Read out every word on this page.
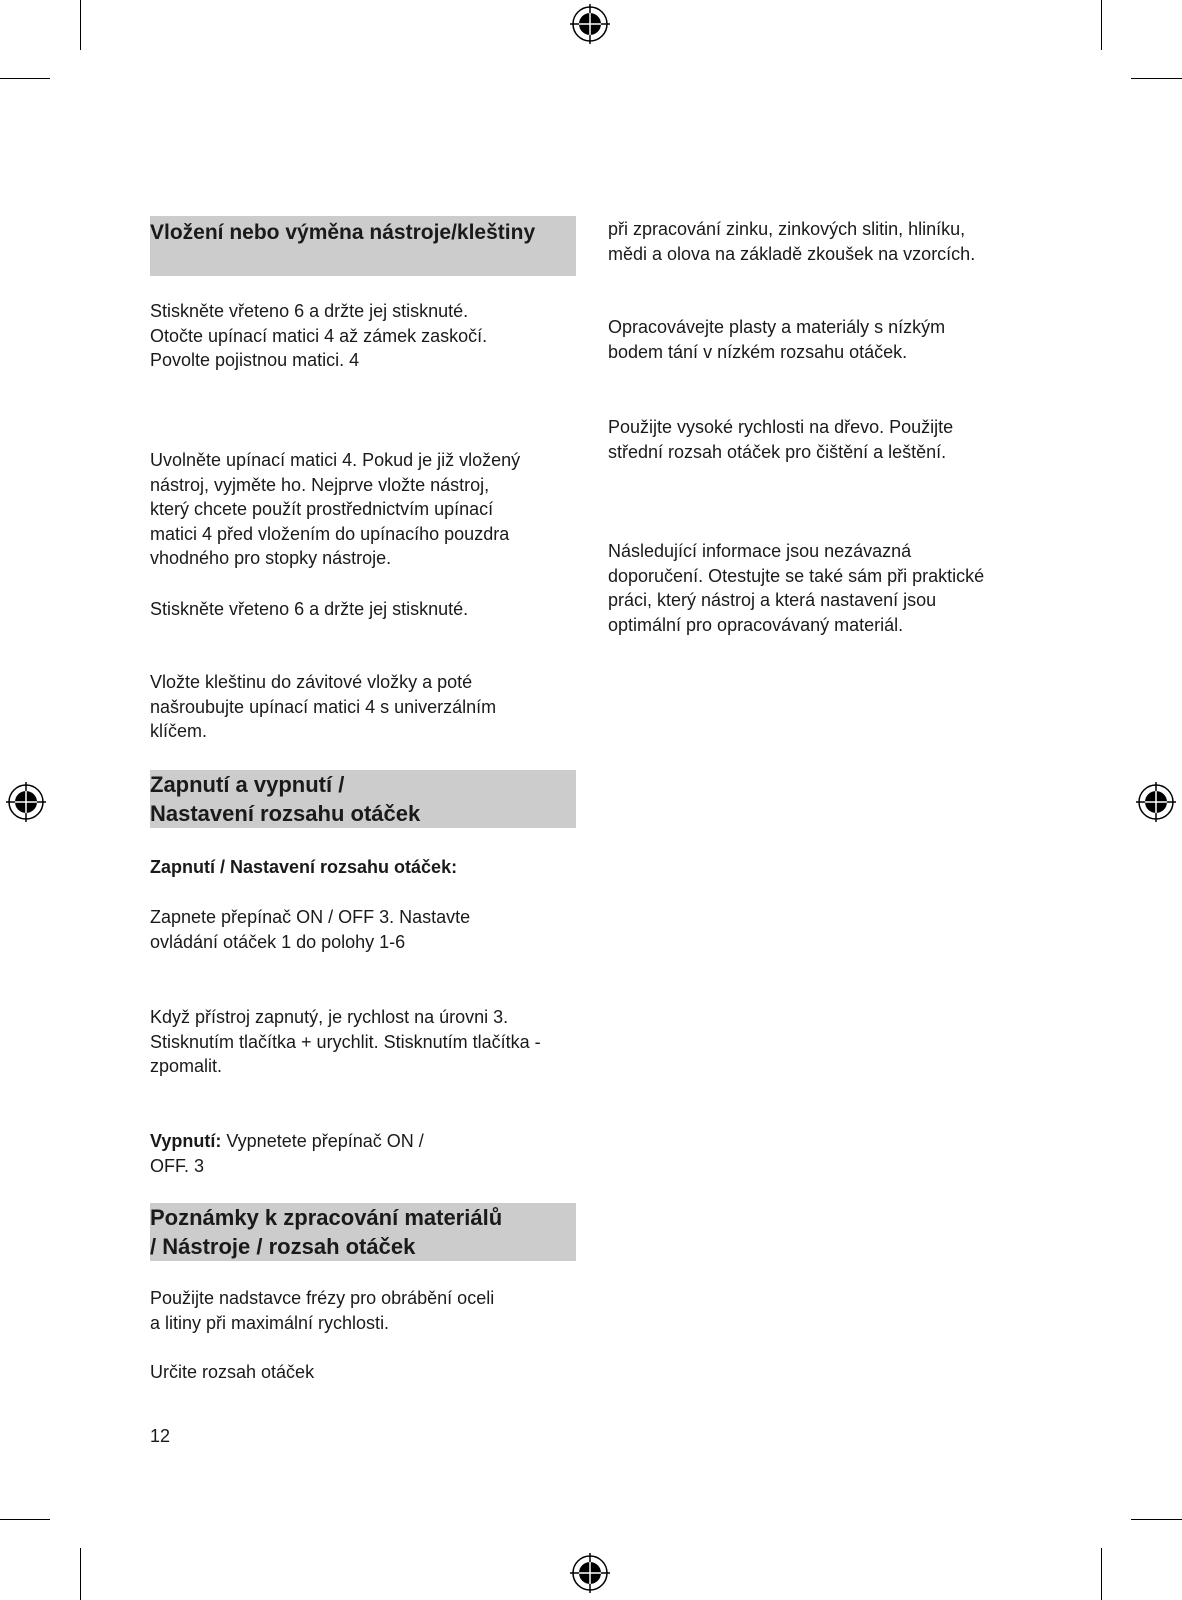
Vložení nebo výměna nástroje/kleštiny
Stiskněte vřeteno 6 a držte jej stisknuté.
Otočte upínací matici 4 až zámek zaskočí.
Povolte pojistnou matici. 4
Uvolněte upínací matici 4. Pokud je již vložený
nástroj, vyjměte ho. Nejprve vložte nástroj,
který chcete použít prostřednictvím upínací
matici 4 před vložením do upínacího pouzdra
vhodného pro stopky nástroje.
Stiskněte vřeteno 6 a držte jej stisknuté.
Vložte kleštinu do závitové vložky a poté
našroubujte upínací matici 4 s univerzálním
klíčem.
Zapnutí a vypnutí /
Nastavení rozsahu otáček
Zapnutí / Nastavení rozsahu otáček:
Zapnete přepínač ON / OFF 3. Nastavte
ovládání otáček 1 do polohy 1-6
Když přístroj zapnutý, je rychlost na úrovni 3.
Stisknutím tlačítka + urychlit. Stisknutím tlačítka -
zpomalit.
Vypnutí: Vypnetete přepínač ON /
OFF. 3
Poznámky k zpracování materiálů
/ Nástroje / rozsah otáček
Použijte nadstavce frézy pro obrábění oceli
a litiny při maximální rychlosti.
Určite rozsah otáček
při zpracování zinku, zinkových slitin, hliníku,
mědi a olova na základě zkoušek na vzorcích.
Opracovávejte plasty a materiály s nízkým
bodem tání v nízkém rozsahu otáček.
Použijte vysoké rychlosti na dřevo. Použijte
střední rozsah otáček pro čištění a leštění.
Následující informace jsou nezávazná
doporučení. Otestujte se také sám při praktické
práci, který nástroj a která nastavení jsou
optimální pro opracovávaný materiál.
12
